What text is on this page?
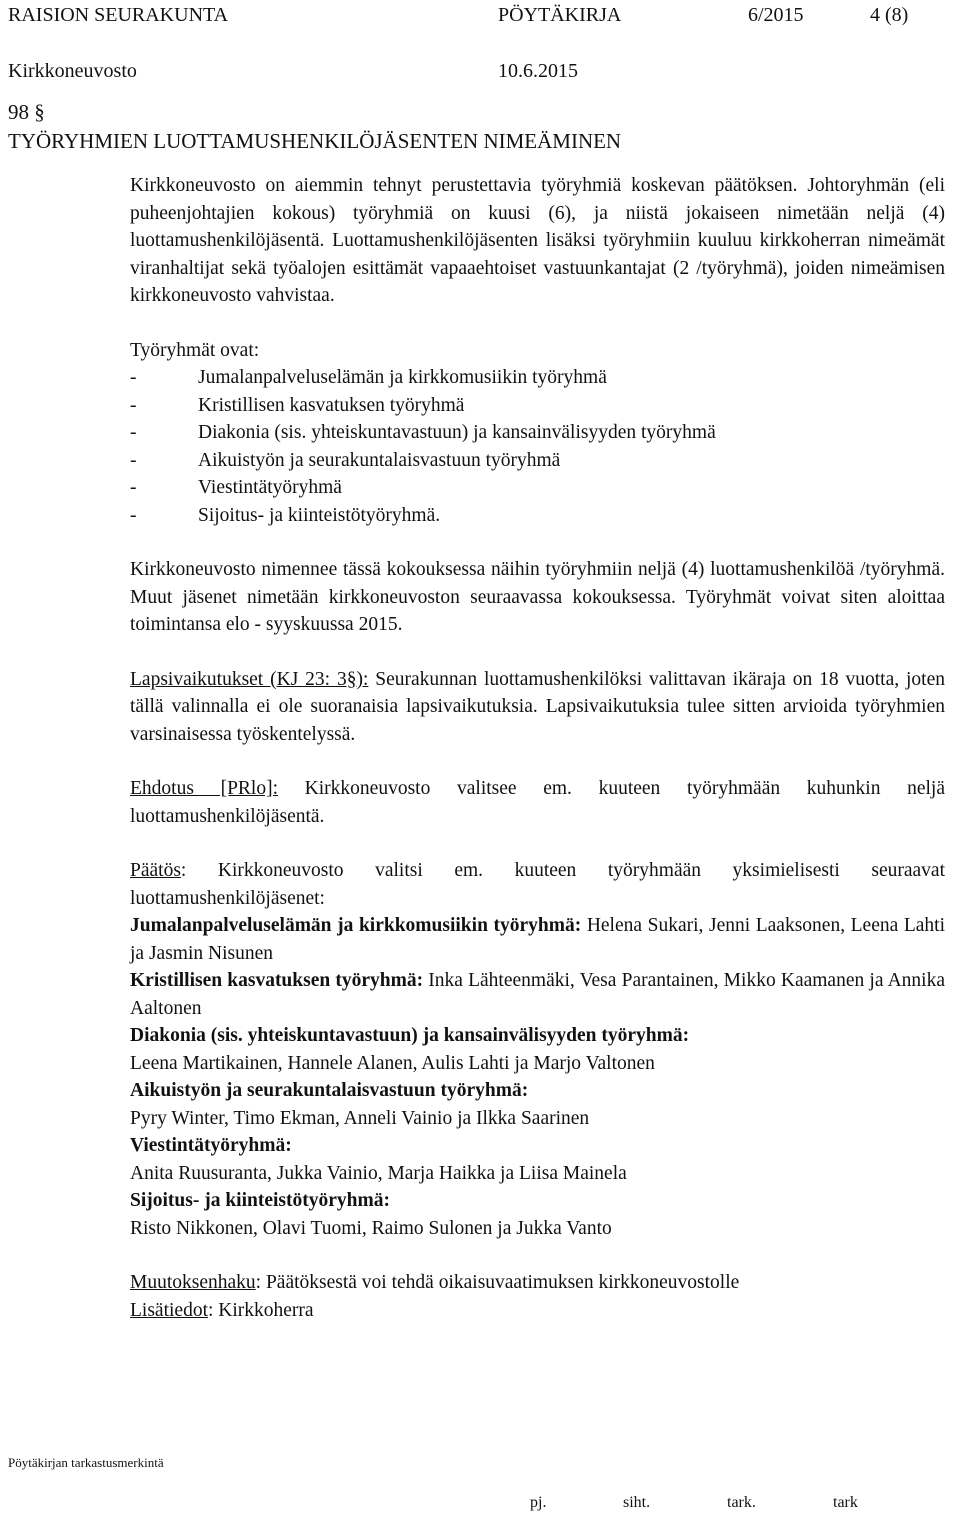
RAISION SEURAKUNTA	PÖYTÄKIRJA	6/2015	4 (8)
Kirkkoneuvosto	10.6.2015
98 §
TYÖRYHMIEN LUOTTAMUSHENKILÖJÄSENTEN NIMEÄMINEN

Kirkkoneuvosto on aiemmin tehnyt perustettavia työryhmiä koskevan päätöksen. Johtoryhmän (eli puheenjohtajien kokous) työryhmiä on kuusi (6), ja niistä jokaiseen nimetään neljä (4) luottamushenkilöjäsentä. Luottamushenkilöjäsenten lisäksi työryhmiin kuuluu kirkkoherran nimeämät viranhaltijat sekä työalojen esittämät vapaaehtoiset vastuunkantajat (2 /työryhmä), joiden nimeämisen kirkkoneuvosto vahvistaa.

Työryhmät ovat:

-	Jumalanpalveluselämän ja kirkkomusiikin työryhmä
-	Kristillisen kasvatuksen työryhmä
-	Diakonia (sis. yhteiskuntavastuun) ja kansainvälisyyden työryhmä
-	Aikuistyön ja seurakuntalaisvastuun työryhmä
-	Viestintätyöryhmä
-	Sijoitus- ja kiinteistötyöryhmä.

Kirkkoneuvosto nimennee tässä kokouksessa näihin työryhmiin neljä (4) luottamushenkilöä /työryhmä. Muut jäsenet nimetään kirkkoneuvoston seuraavassa kokouksessa. Työryhmät voivat siten aloittaa toimintansa elo - syyskuussa 2015.

Lapsivaikutukset (KJ 23: 3§): Seurakunnan luottamushenkilöksi valittavan ikäraja on 18 vuotta, joten tällä valinnalla ei ole suoranaisia lapsivaikutuksia. Lapsivaikutuksia tulee sitten arvioida työryhmien varsinaisessa työskentelyssä.

Ehdotus [PRlo]: Kirkkoneuvosto valitsee em. kuuteen työryhmään kuhunkin neljä luottamushenkilöjäsentä.

Päätös: Kirkkoneuvosto valitsi em. kuuteen työryhmään yksimielisesti seuraavat luottamushenkilöjäsenet:

Jumalanpalveluselämän ja kirkkomusiikin työryhmä: Helena Sukari, Jenni Laaksonen, Leena Lahti ja Jasmin Nisunen

Kristillisen kasvatuksen työryhmä: Inka Lähteenmäki, Vesa Parantainen, Mikko Kaamanen ja Annika Aaltonen

Diakonia (sis. yhteiskuntavastuun) ja kansainvälisyyden työryhmä:

Leena Martikainen, Hannele Alanen, Aulis Lahti ja Marjo Valtonen

Aikuistyön ja seurakuntalaisvastuun työryhmä:

Pyry Winter, Timo Ekman, Anneli Vainio ja Ilkka Saarinen

Viestintätyöryhmä:

Anita Ruusuranta, Jukka Vainio, Marja Haikka ja Liisa Mainela

Sijoitus- ja kiinteistötyöryhmä:

Risto Nikkonen, Olavi Tuomi, Raimo Sulonen ja Jukka Vanto

Muutoksenhaku: Päätöksestä voi tehdä oikaisuvaatimuksen kirkkoneuvostolle

Lisätiedot: Kirkkoherra

Pöytäkirjan tarkastusmerkintä
pj.	siht.	tark.	tark
